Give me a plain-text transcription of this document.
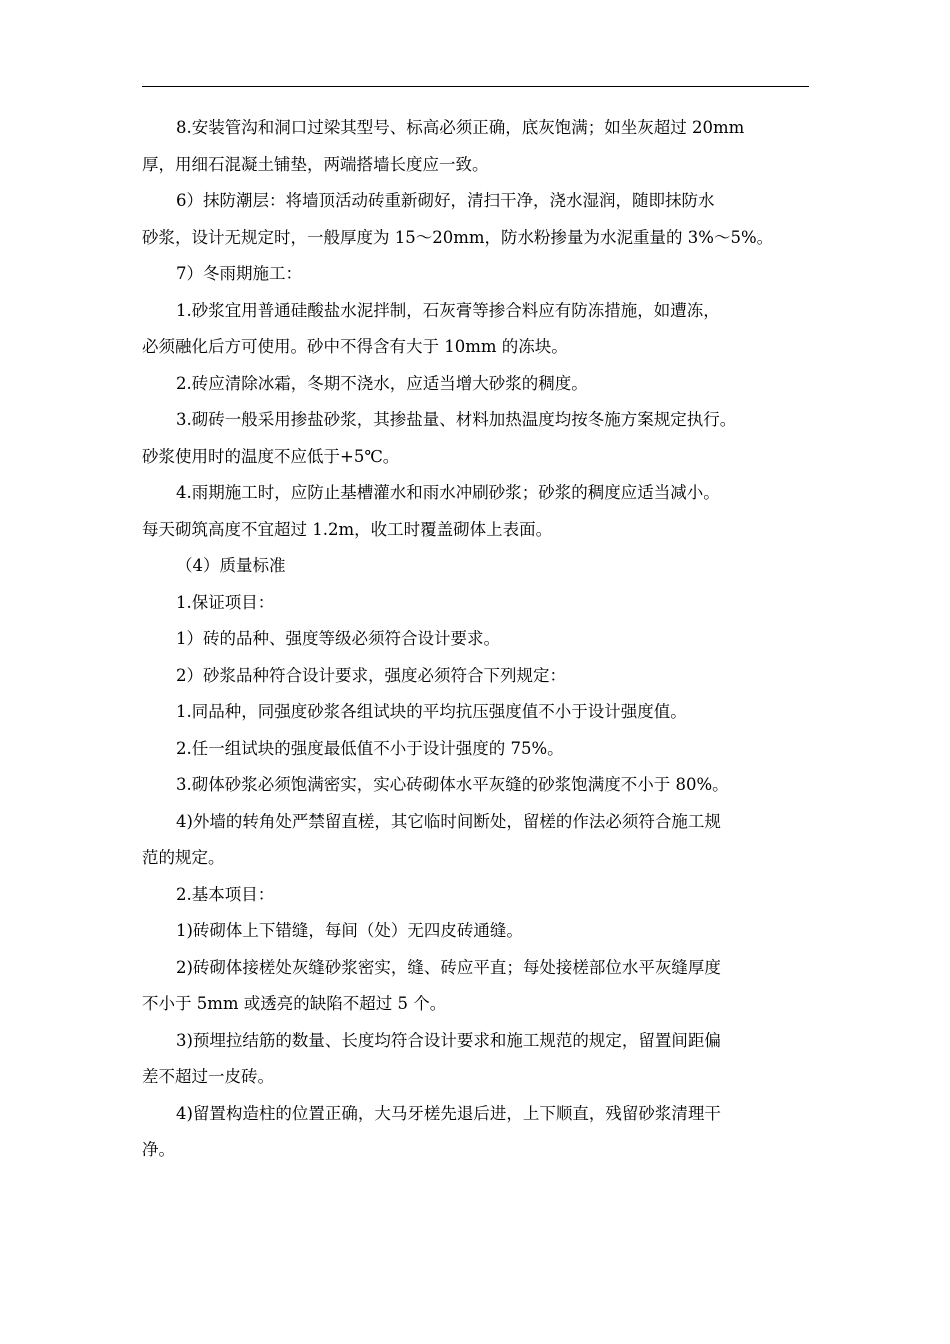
8.安装管沟和洞口过梁其型号、标高必须正确，底灰饱满；如坐灰超过 20mm

厚，用细石混凝土铺垫，两端搭墙长度应一致。

6）抹防潮层：将墙顶活动砖重新砌好，清扫干净，浇水湿润，随即抹防水

砂浆，设计无规定时，一般厚度为 15～20mm，防水粉掺量为水泥重量的 3%～5%。

7）冬雨期施工：

1.砂浆宜用普通硅酸盐水泥拌制，石灰膏等掺合料应有防冻措施，如遭冻，

必须融化后方可使用。砂中不得含有大于 10mm 的冻块。

2.砖应清除冰霜，冬期不浇水，应适当增大砂浆的稠度。

3.砌砖一般采用掺盐砂浆，其掺盐量、材料加热温度均按冬施方案规定执行。

砂浆使用时的温度不应低于+5℃。

4.雨期施工时，应防止基槽灌水和雨水冲刷砂浆；砂浆的稠度应适当减小。

每天砌筑高度不宜超过 1.2m，收工时覆盖砌体上表面。

（4）质量标准

1.保证项目：

1）砖的品种、强度等级必须符合设计要求。

2）砂浆品种符合设计要求，强度必须符合下列规定：

1.同品种，同强度砂浆各组试块的平均抗压强度值不小于设计强度值。

2.任一组试块的强度最低值不小于设计强度的 75%。

3.砌体砂浆必须饱满密实，实心砖砌体水平灰缝的砂浆饱满度不小于 80%。

4)外墙的转角处严禁留直槎，其它临时间断处，留槎的作法必须符合施工规

范的规定。

2.基本项目：

1)砖砌体上下错缝，每间（处）无四皮砖通缝。

2)砖砌体接槎处灰缝砂浆密实，缝、砖应平直；每处接槎部位水平灰缝厚度

不小于 5mm 或透亮的缺陷不超过 5 个。

3)预埋拉结筋的数量、长度均符合设计要求和施工规范的规定，留置间距偏

差不超过一皮砖。

4)留置构造柱的位置正确，大马牙槎先退后进，上下顺直，残留砂浆清理干

净。
